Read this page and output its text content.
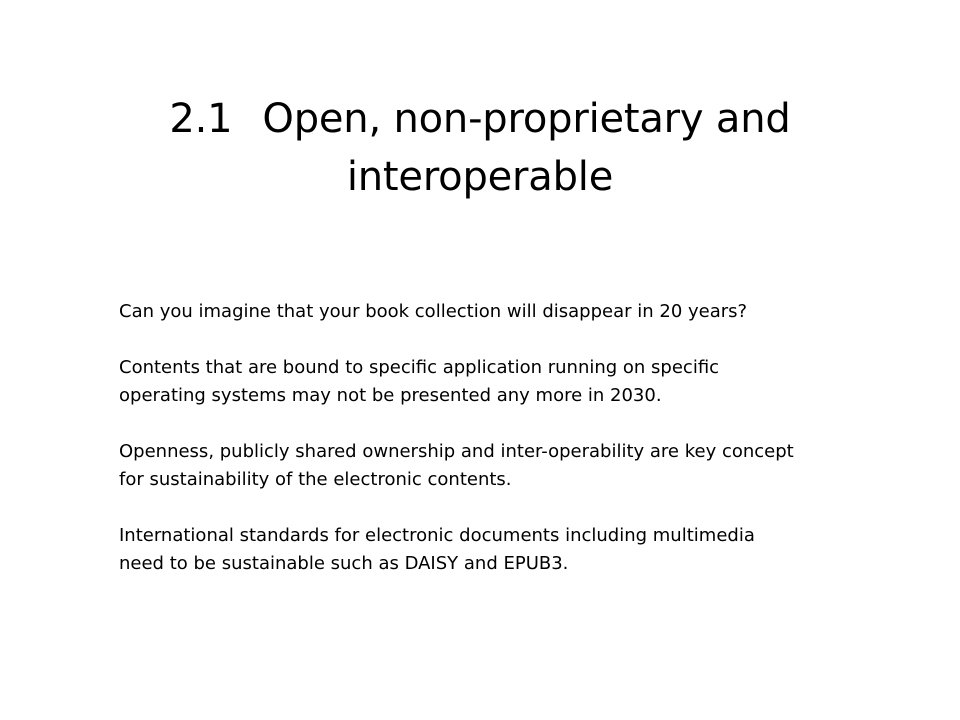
2.1 Open, non-proprietary and
interoperable

Can you imagine that your book collection will disappear in 20 years?

Contents that are bound to specific application running on specific
operating systems may not be presented any more in 2030.

Openness, publicly shared ownership and inter-operability are key concept
for sustainability of the electronic contents.

International standards for electronic documents including multimedia
need to be sustainable such as DAISY and EPUB3.
